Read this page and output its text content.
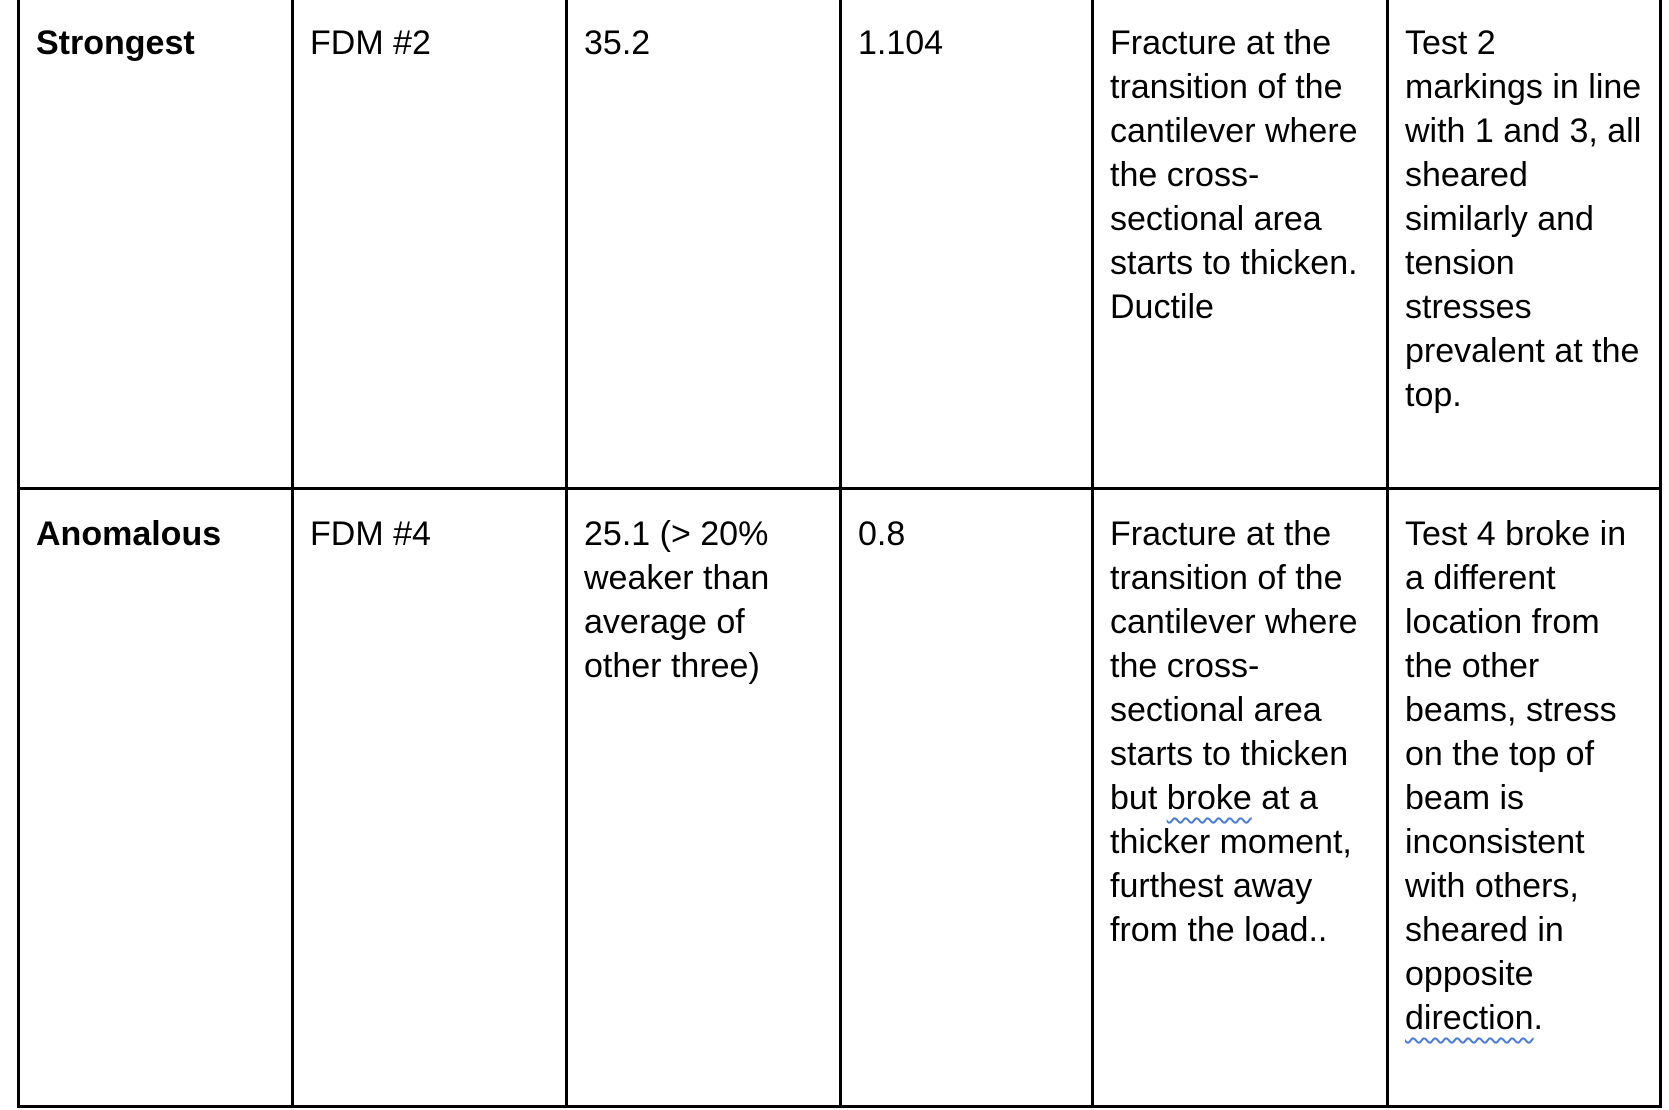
Strongest	FDM #2	35.2	1.104	Fracture at the transition of the cantilever where the cross-sectional area starts to thicken. Ductile	Test 2 markings in line with 1 and 3, all sheared similarly and tension stresses prevalent at the top.
Anomalous	FDM #4	25.1 (> 20% weaker than average of other three)	0.8	Fracture at the transition of the cantilever where the cross-sectional area starts to thicken but broke at a thicker moment, furthest away from the load..	Test 4 broke in a different location from the other beams, stress on the top of beam is inconsistent with others, sheared in opposite direction.
